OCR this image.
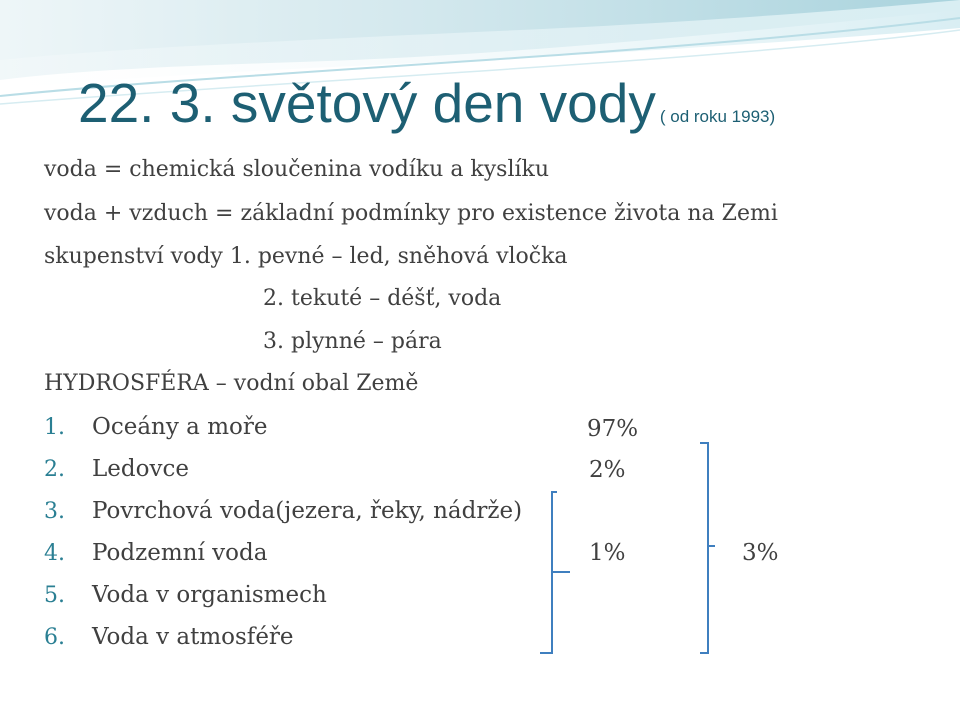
22. 3. světový den vody ( od roku 1993)
voda = chemická sloučenina vodíku a kyslíku
voda + vzduch = základní podmínky pro existence života na Zemi
skupenství vody 1. pevné – led, sněhová vločka
2. tekuté – déšť, voda
3. plynné – pára
HYDROSFÉRA – vodní obal Země
1. Oceány a moře
2. Ledovce
3. Povrchová voda(jezera, řeky, nádrže)
4. Podzemní voda
5. Voda v organismech
6. Voda v atmosféře
97%
2%
1%	3%
